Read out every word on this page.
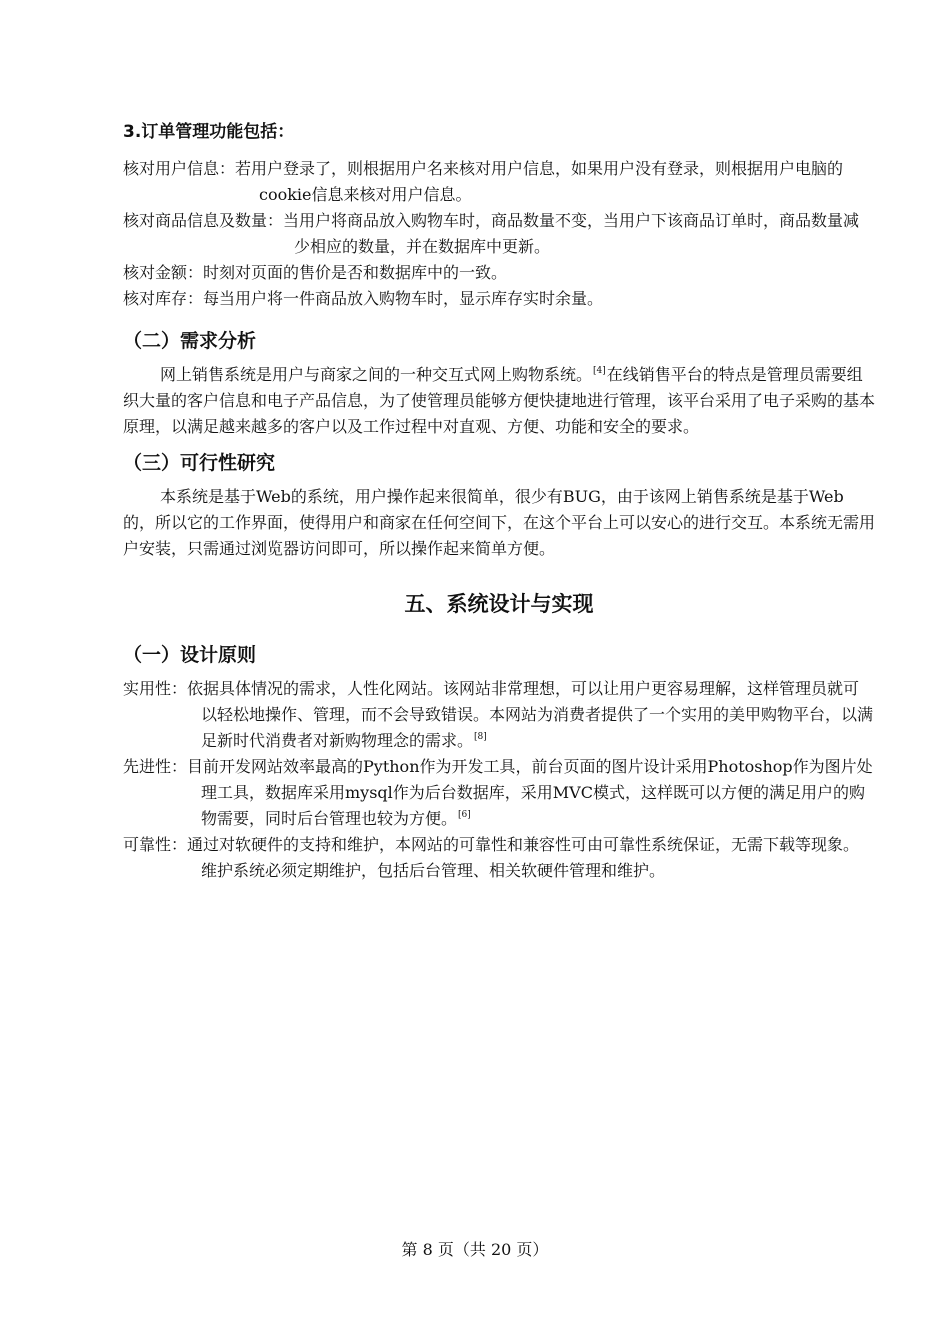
3.订单管理功能包括：

核对用户信息：若用户登录了，则根据用户名来核对用户信息，如果用户没有登录，则根据用户电脑的cookie信息来核对用户信息。

核对商品信息及数量：当用户将商品放入购物车时，商品数量不变，当用户下该商品订单时，商品数量减少相应的数量，并在数据库中更新。

核对金额：时刻对页面的售价是否和数据库中的一致。

核对库存：每当用户将一件商品放入购物车时，显示库存实时余量。

（二）需求分析

网上销售系统是用户与商家之间的一种交互式网上购物系统。[4]在线销售平台的特点是管理员需要组织大量的客户信息和电子产品信息，为了使管理员能够方便快捷地进行管理，该平台采用了电子采购的基本原理，以满足越来越多的客户以及工作过程中对直观、方便、功能和安全的要求。

（三）可行性研究

本系统是基于Web的系统，用户操作起来很简单，很少有BUG，由于该网上销售系统是基于Web的，所以它的工作界面，使得用户和商家在任何空间下，在这个平台上可以安心的进行交互。本系统无需用户安装，只需通过浏览器访问即可，所以操作起来简单方便。

五、系统设计与实现
（一）设计原则

实用性：依据具体情况的需求，人性化网站。该网站非常理想，可以让用户更容易理解，这样管理员就可以轻松地操作、管理，而不会导致错误。本网站为消费者提供了一个实用的美甲购物平台，以满足新时代消费者对新购物理念的需求。[8]

先进性：目前开发网站效率最高的Python作为开发工具，前台页面的图片设计采用Photoshop作为图片处理工具，数据库采用mysql作为后台数据库，采用MVC模式，这样既可以方便的满足用户的购物需要，同时后台管理也较为方便。[6]

可靠性：通过对软硬件的支持和维护，本网站的可靠性和兼容性可由可靠性系统保证，无需下载等现象。维护系统必须定期维护，包括后台管理、相关软硬件管理和维护。

第 8 页（共 20 页）
